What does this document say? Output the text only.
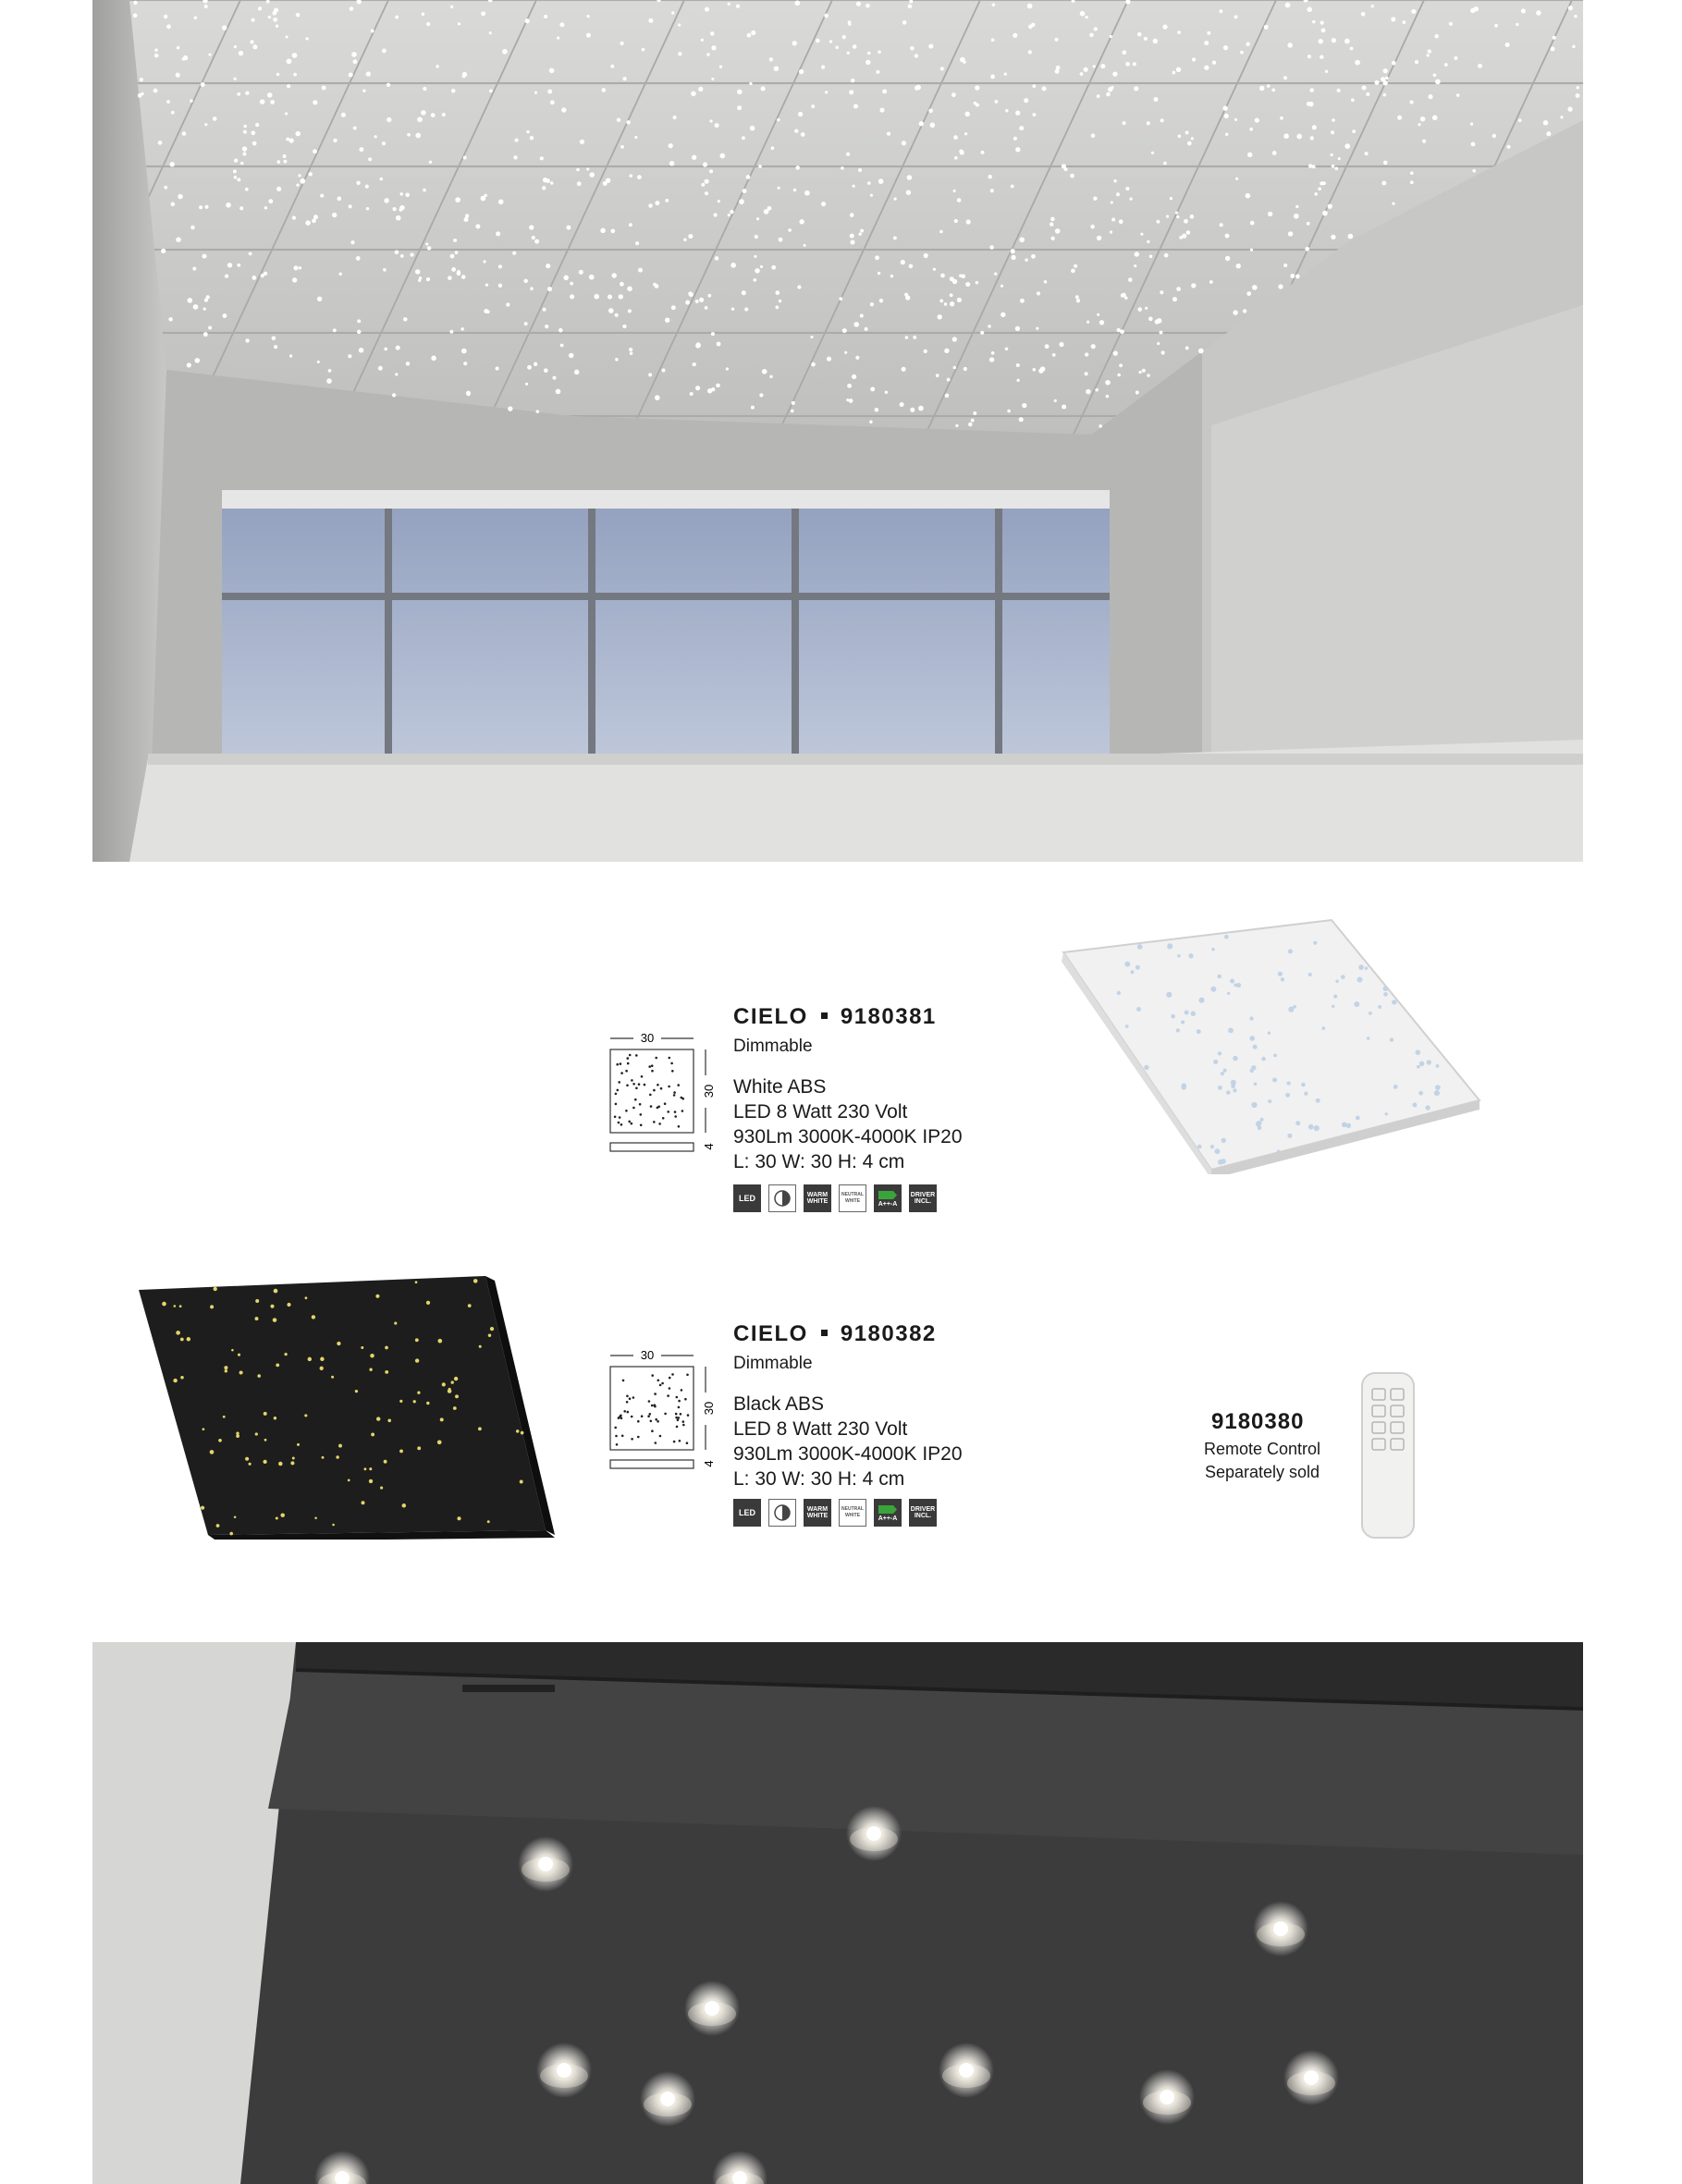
30
30
4
CIELO 9180381
Dimmable
White ABS
LED 8 Watt 230 Volt
930Lm 3000K-4000K IP20
L: 30 W: 30 H: 4 cm
LED	WARM
WHITE
NEUTRAL
WHITE	A++-A
DRIVER
INCL.
30
30
4
CIELO 9180382
Dimmable
Black ABS
LED 8 Watt 230 Volt
930Lm 3000K-4000K IP20
L: 30 W: 30 H: 4 cm
LED	WARM
WHITE
NEUTRAL
WHITE	A++-A
DRIVER
INCL.
9180380
Remote Control
Separately sold
